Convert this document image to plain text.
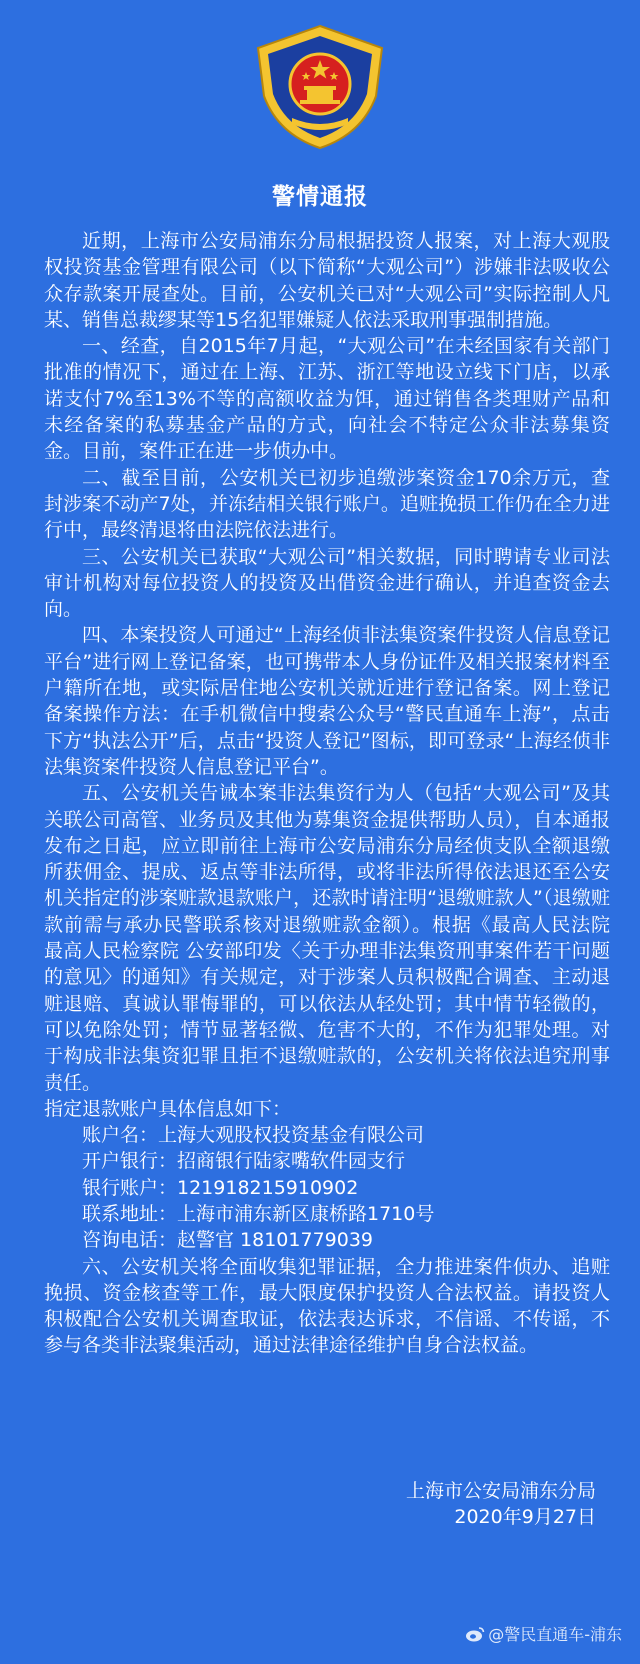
警情通报

近期，上海市公安局浦东分局根据投资人报案，对上海大观股权投资基金管理有限公司（以下简称“大观公司”）涉嫌非法吸收公众存款案开展查处。目前，公安机关已对“大观公司”实际控制人凡某、销售总裁缪某等15名犯罪嫌疑人依法采取刑事强制措施。

一、经查，自2015年7月起，“大观公司”在未经国家有关部门批准的情况下，通过在上海、江苏、浙江等地设立线下门店，以承诺支付7%至13%不等的高额收益为饵，通过销售各类理财产品和未经备案的私募基金产品的方式，向社会不特定公众非法募集资金。目前，案件正在进一步侦办中。

二、截至目前，公安机关已初步追缴涉案资金170余万元，查封涉案不动产7处，并冻结相关银行账户。追赃挽损工作仍在全力进行中，最终清退将由法院依法进行。

三、公安机关已获取“大观公司”相关数据，同时聘请专业司法审计机构对每位投资人的投资及出借资金进行确认，并追查资金去向。

四、本案投资人可通过“上海经侦非法集资案件投资人信息登记平台”进行网上登记备案，也可携带本人身份证件及相关报案材料至户籍所在地，或实际居住地公安机关就近进行登记备案。网上登记备案操作方法：在手机微信中搜索公众号“警民直通车上海”，点击下方“执法公开”后，点击“投资人登记”图标，即可登录“上海经侦非法集资案件投资人信息登记平台”。

五、公安机关告诫本案非法集资行为人（包括“大观公司”及其关联公司高管、业务员及其他为募集资金提供帮助人员），自本通报发布之日起，应立即前往上海市公安局浦东分局经侦支队全额退缴所获佣金、提成、返点等非法所得，或将非法所得依法退还至公安机关指定的涉案赃款退款账户，还款时请注明“退缴赃款人”（退缴赃款前需与承办民警联系核对退缴赃款金额）。根据《最高人民法院 最高人民检察院 公安部印发〈关于办理非法集资刑事案件若干问题的意见〉的通知》有关规定，对于涉案人员积极配合调查、主动退赃退赔、真诚认罪悔罪的，可以依法从轻处罚；其中情节轻微的，可以免除处罚；情节显著轻微、危害不大的，不作为犯罪处理。对于构成非法集资犯罪且拒不退缴赃款的，公安机关将依法追究刑事责任。

指定退款账户具体信息如下：

账户名：上海大观股权投资基金有限公司

开户银行：招商银行陆家嘴软件园支行

银行账户：121918215910902

联系地址：上海市浦东新区康桥路1710号

咨询电话：赵警官 18101779039

六、公安机关将全面收集犯罪证据，全力推进案件侦办、追赃挽损、资金核查等工作，最大限度保护投资人合法权益。请投资人积极配合公安机关调查取证，依法表达诉求，不信谣、不传谣，不参与各类非法聚集活动，通过法律途径维护自身合法权益。

上海市公安局浦东分局
2020年9月27日
@警民直通车-浦东
